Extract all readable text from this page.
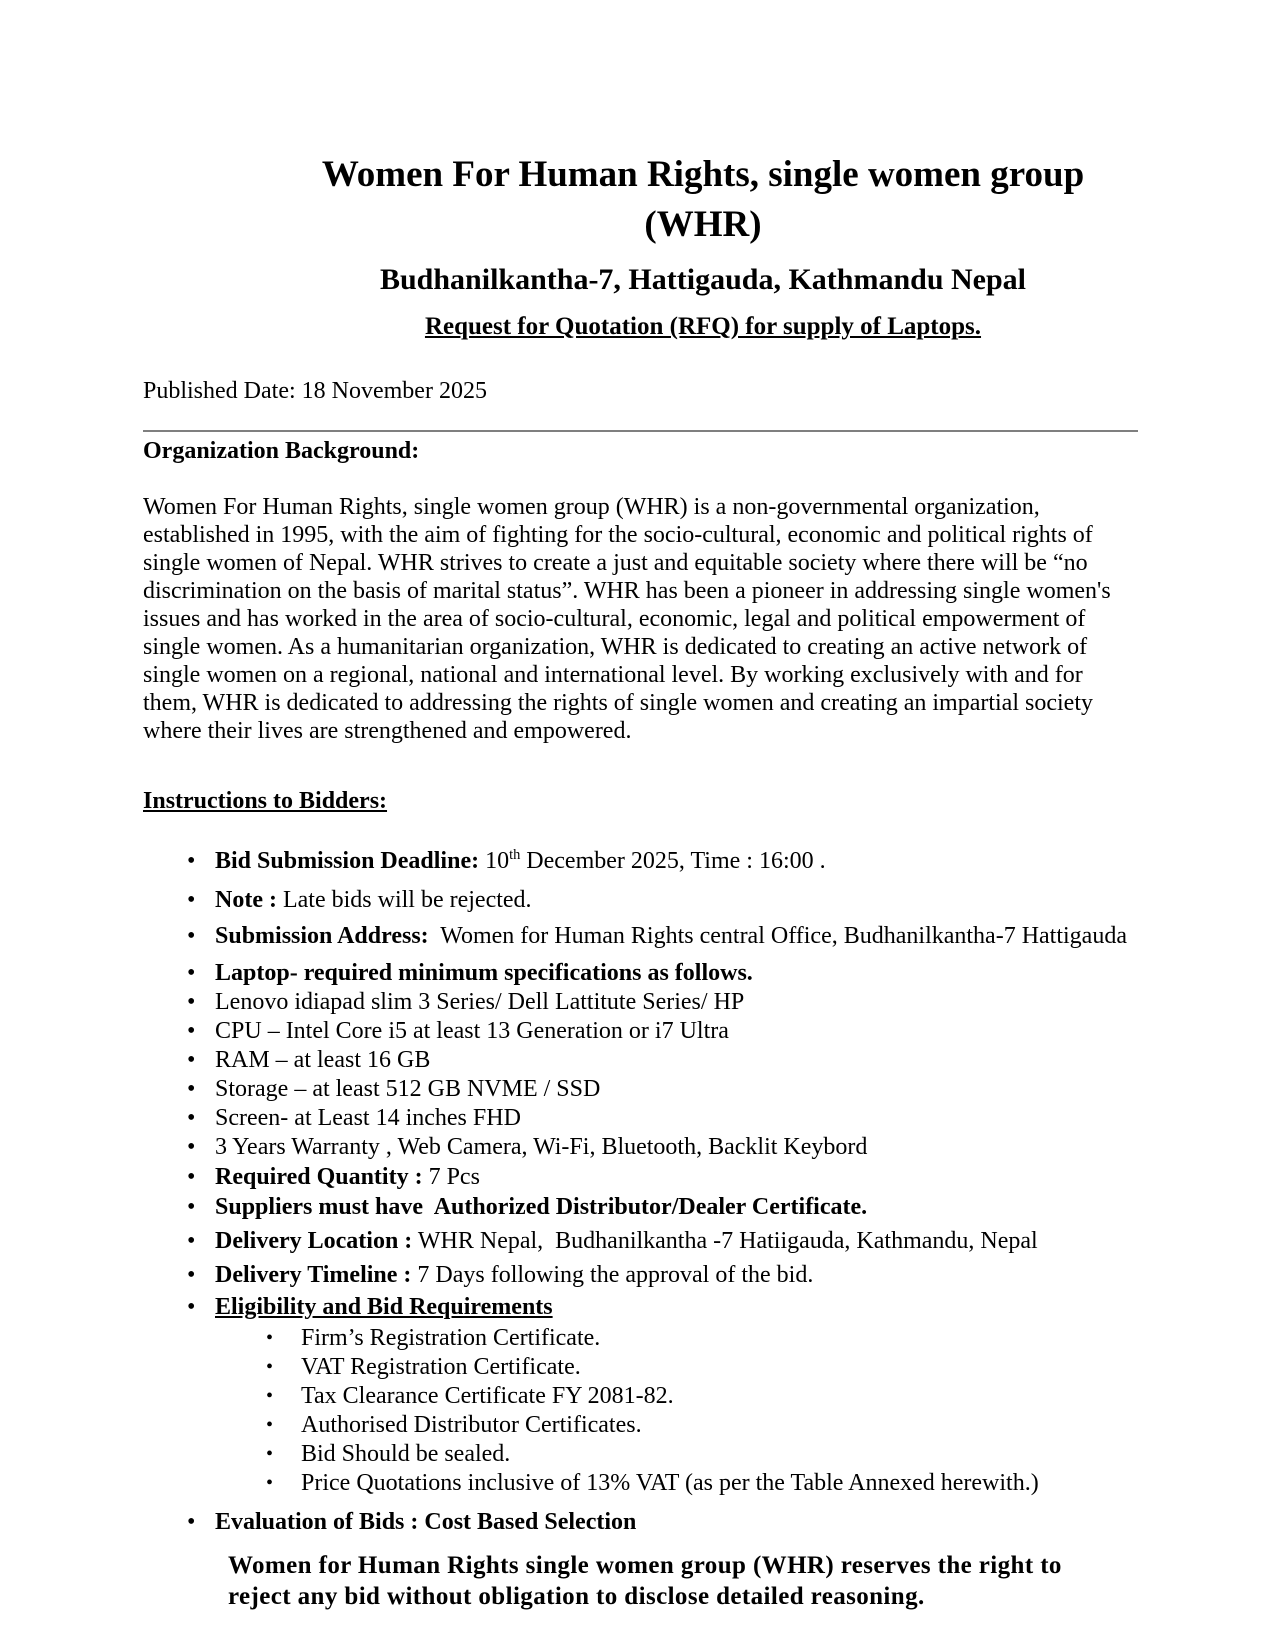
Women For Human Rights, single women group
(WHR)
Budhanilkantha-7, Hattigauda, Kathmandu Nepal
Request for Quotation (RFQ) for supply of Laptops.
Published Date: 18 November 2025
Organization Background:

Women For Human Rights, single women group (WHR) is a non-governmental organization, established in 1995, with the aim of fighting for the socio-cultural, economic and political rights of single women of Nepal. WHR strives to create a just and equitable society where there will be “no discrimination on the basis of marital status”. WHR has been a pioneer in addressing single women's issues and has worked in the area of socio-cultural, economic, legal and political empowerment of single women. As a humanitarian organization, WHR is dedicated to creating an active network of single women on a regional, national and international level. By working exclusively with and for them, WHR is dedicated to addressing the rights of single women and creating an impartial society where their lives are strengthened and empowered.

Instructions to Bidders:
• Bid Submission Deadline: 10th December 2025, Time : 16:00 .
• Note : Late bids will be rejected.
• Submission Address:  Women for Human Rights central Office, Budhanilkantha-7 Hattigauda
• Laptop- required minimum specifications as follows.
• Lenovo idiapad slim 3 Series/ Dell Lattitute Series/ HP
• CPU – Intel Core i5 at least 13 Generation or i7 Ultra
• RAM – at least 16 GB
• Storage – at least 512 GB NVME / SSD
• Screen- at Least 14 inches FHD
• 3 Years Warranty , Web Camera, Wi-Fi, Bluetooth, Backlit Keybord
• Required Quantity : 7 Pcs
• Suppliers must have  Authorized Distributor/Dealer Certificate.
• Delivery Location : WHR Nepal,  Budhanilkantha -7 Hatiigauda, Kathmandu, Nepal
• Delivery Timeline : 7 Days following the approval of the bid.
• Eligibility and Bid Requirements
• Firm’s Registration Certificate.
• VAT Registration Certificate.
• Tax Clearance Certificate FY 2081-82.
• Authorised Distributor Certificates.
• Bid Should be sealed.
• Price Quotations inclusive of 13% VAT (as per the Table Annexed herewith.)
• Evaluation of Bids : Cost Based Selection

Women for Human Rights single women group (WHR) reserves the right to reject any bid without obligation to disclose detailed reasoning.
